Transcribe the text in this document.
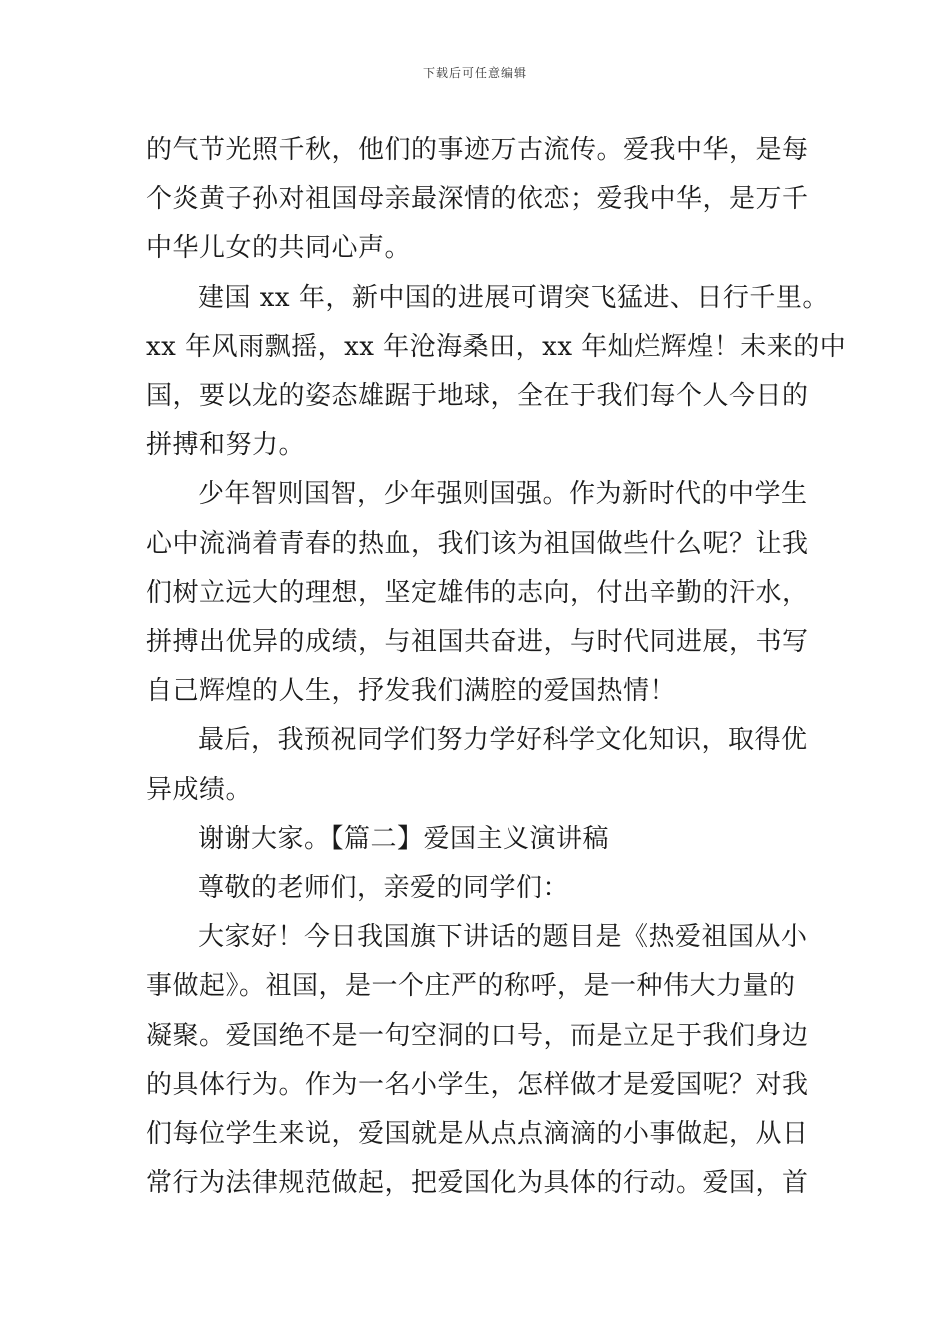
下载后可任意编辑
的气节光照千秋，他们的事迹万古流传。爱我中华，是每
个炎黄子孙对祖国母亲最深情的依恋；爱我中华，是万千
中华儿女的共同心声。
建国 xx 年，新中国的进展可谓突飞猛进、日行千里。
xx 年风雨飘摇，xx 年沧海桑田，xx 年灿烂辉煌！未来的中
国，要以龙的姿态雄踞于地球，全在于我们每个人今日的
拼搏和努力。
少年智则国智，少年强则国强。作为新时代的中学生
心中流淌着青春的热血，我们该为祖国做些什么呢？让我
们树立远大的理想，坚定雄伟的志向，付出辛勤的汗水，
拼搏出优异的成绩，与祖国共奋进，与时代同进展，书写
自己辉煌的人生，抒发我们满腔的爱国热情！
最后，我预祝同学们努力学好科学文化知识，取得优
异成绩。
谢谢大家。【篇二】爱国主义演讲稿
尊敬的老师们，亲爱的同学们：
大家好！今日我国旗下讲话的题目是《热爱祖国从小
事做起》。祖国，是一个庄严的称呼，是一种伟大力量的
凝聚。爱国绝不是一句空洞的口号，而是立足于我们身边
的具体行为。作为一名小学生，怎样做才是爱国呢？对我
们每位学生来说，爱国就是从点点滴滴的小事做起，从日
常行为法律规范做起，把爱国化为具体的行动。爱国，首
